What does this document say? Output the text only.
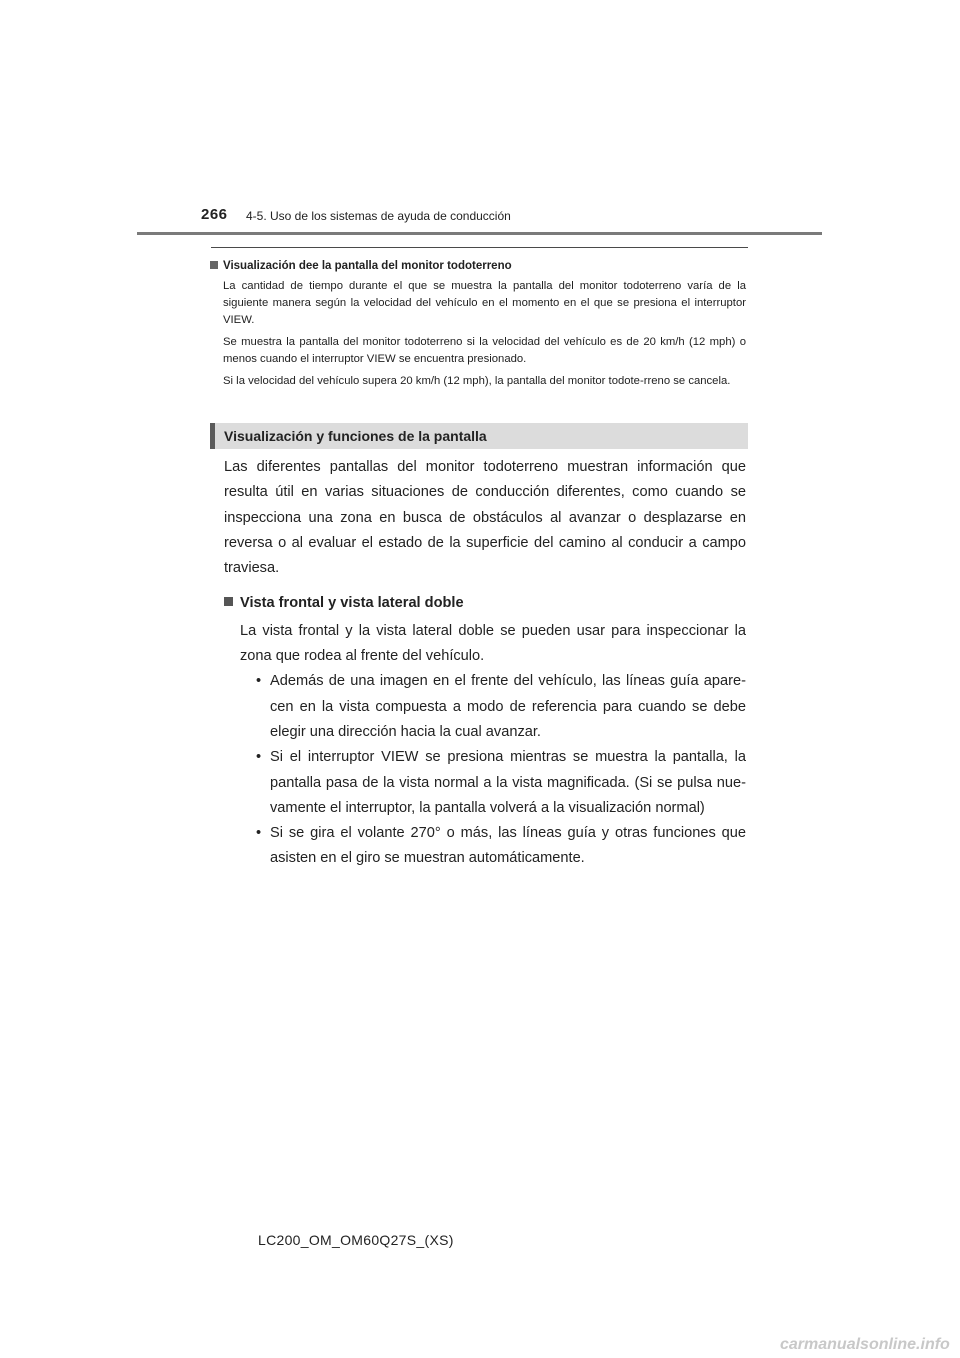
266 4-5. Uso de los sistemas de ayuda de conducción
Visualización dee la pantalla del monitor todoterreno

La cantidad de tiempo durante el que se muestra la pantalla del monitor todoterreno varía de la siguiente manera según la velocidad del vehículo en el momento en el que se presiona el interruptor VIEW.

Se muestra la pantalla del monitor todoterreno si la velocidad del vehículo es de 20 km/h (12 mph) o menos cuando el interruptor VIEW se encuentra presionado.

Si la velocidad del vehículo supera 20 km/h (12 mph), la pantalla del monitor todote-rreno se cancela.

Visualización y funciones de la pantalla

Las diferentes pantallas del monitor todoterreno muestran información que resulta útil en varias situaciones de conducción diferentes, como cuando se inspecciona una zona en busca de obstáculos al avanzar o desplazarse en reversa o al evaluar el estado de la superficie del camino al conducir a campo traviesa.

Vista frontal y vista lateral doble

La vista frontal y la vista lateral doble se pueden usar para inspeccionar la zona que rodea al frente del vehículo.

• Además de una imagen en el frente del vehículo, las líneas guía apare-cen en la vista compuesta a modo de referencia para cuando se debe elegir una dirección hacia la cual avanzar.
• Si el interruptor VIEW se presiona mientras se muestra la pantalla, la pantalla pasa de la vista normal a la vista magnificada. (Si se pulsa nue-vamente el interruptor, la pantalla volverá a la visualización normal)
• Si se gira el volante 270° o más, las líneas guía y otras funciones que asisten en el giro se muestran automáticamente.
LC200_OM_OM60Q27S_(XS)
carmanualsonline.info
